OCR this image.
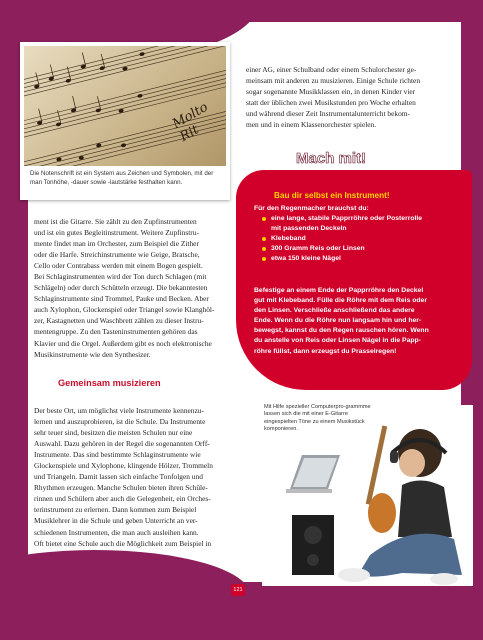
Molto Rit
Die Notenschrift ist ein System aus Zeichen und Symbolen, mit der man Tonhöhe, -dauer sowie -lautstärke festhalten kann.
einer AG, einer Schulband oder einem Schulorchester ge-
meinsam mit anderen zu musizieren. Einige Schule richten
sogar sogenannte Musikklassen ein, in denen Kinder vier
statt der üblichen zwei Musikstunden pro Woche erhalten
und während dieser Zeit Instrumentalunterricht bekom-
men und in einem Klassenorchester spielen.
ment ist die Gitarre. Sie zählt zu den Zupfinstrumenten
und ist ein gutes Begleitinstrument. Weitere Zupfinstru-
mente findet man im Orchester, zum Beispiel die Zither
oder die Harfe. Streichinstrumente wie Geige, Bratsche,
Cello oder Contrabass werden mit einem Bogen gespielt.
Bei Schlaginstrumenten wird der Ton durch Schlagen (mit
Schlägeln) oder durch Schütteln erzeugt. Die bekanntesten
Schlaginstrumente sind Trommel, Pauke und Becken. Aber
auch Xylophon, Glockenspiel oder Triangel sowie Klanghöl-
zer, Kastagnetten und Waschbrett zählen zu dieser Instru-
mentengruppe. Zu den Tasteninstrumenten gehören das
Klavier und die Orgel. Außerdem gibt es noch elektronische
Musikinstrumente wie den Synthesizer.
Gemeinsam musizieren
Der beste Ort, um möglichst viele Instrumente kennenzu-
lernen und auszuprobieren, ist die Schule. Da Instrumente
sehr teuer sind, besitzen die meisten Schulen nur eine
Auswahl. Dazu gehören in der Regel die sogenannten Orff-
Instrumente. Das sind bestimmte Schlaginstrumente wie
Glockenspiele und Xylophone, klingende Hölzer, Trommeln
und Triangeln. Damit lassen sich einfache Tonfolgen und
Rhythmen erzeugen. Manche Schulen bieten ihren Schüle-
rinnen und Schülern aber auch die Gelegenheit, ein Orches-
terinstrument zu erlernen. Dann kommen zum Beispiel
Musiklehrer in die Schule und geben Unterricht an ver-
schiedenen Instrumenten, die man auch ausleihen kann.
Oft bietet eine Schule auch die Möglichkeit zum Beispiel in
Mach mit!
Bau dir selbst ein Instrument!
Für den Regenmacher brauchst du:
eine lange, stabile Papprröhre oder Posterrolle
mit passenden Deckeln
Klebeband
300 Gramm Reis oder Linsen
etwa 150 kleine Nägel
Befestige an einem Ende der Papprröhre den Deckel
gut mit Klebeband. Fülle die Röhre mit dem Reis oder
den Linsen. Verschließe anschließend das andere
Ende. Wenn du die Röhre nun langsam hin und her-
bewegst, kannst du den Regen rauschen hören. Wenn
du anstelle von Reis oder Linsen Nägel in die Papp-
röhre füllst, dann erzeugst du Prasselregen!
Mit Hilfe spezieller Computerpro-grammme lassen sich die mit einer E-Gitarre eingespielten Töne zu einem Musikstück komponieren.
121
